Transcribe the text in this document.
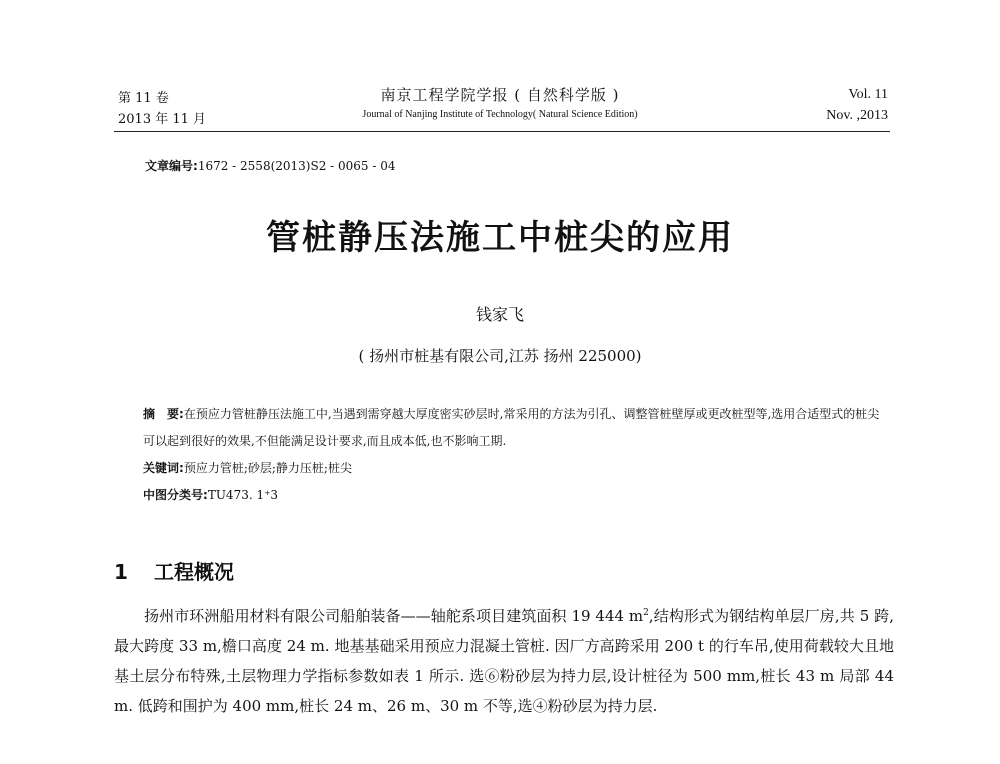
第 11 卷
2013 年 11 月
南京工程学院学报 ( 自然科学版 )
Journal of Nanjing Institute of Technology( Natural Science Edition)
Vol. 11
Nov. ,2013
文章编号:1672 - 2558(2013)S2 - 0065 - 04
管桩静压法施工中桩尖的应用
钱家飞
( 扬州市桩基有限公司,江苏 扬州 225000)
摘　要:在预应力管桩静压法施工中,当遇到需穿越大厚度密实砂层时,常采用的方法为引孔、调整管桩壁厚或更改桩型等,选用合适型式的桩尖可以起到很好的效果,不但能满足设计要求,而且成本低,也不影响工期.
关键词:预应力管桩;砂层;静力压桩;桩尖
中图分类号:TU473. 1⁺3
1 工程概况

扬州市环洲船用材料有限公司船舶装备——轴舵系项目建筑面积 19 444 $m^2$,结构形式为钢结构单层厂房,共 5 跨,最大跨度 33 m,檐口高度 24 m. 地基基础采用预应力混凝土管桩. 因厂方高跨采用 200 t 的行车吊,使用荷载较大且地基土层分布特殊,土层物理力学指标参数如表 1 所示. 选⑥粉砂层为持力层,设计桩径为 500 mm,桩长 43 m 局部 44 m. 低跨和围护为 400 mm,桩长 24 m、26 m、30 m 不等,选④粉砂层为持力层.
